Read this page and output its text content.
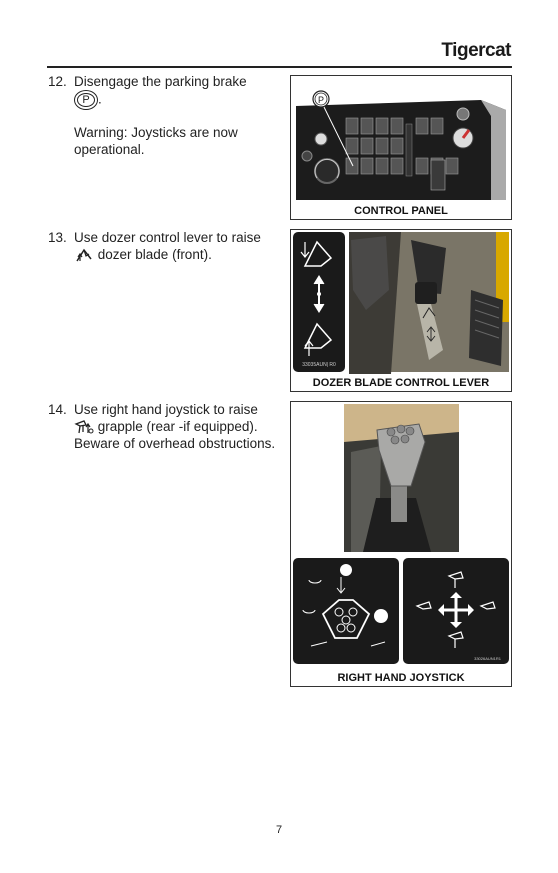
Tigercat
12. Disengage the parking brake
P .

Warning: Joysticks are now operational.

13. Use dozer control lever to raise  dozer blade (front).

14. Use right hand joystick to raise  grapple (rear -if equipped). Beware of overhead obstructions.

P
CONTROL PANEL
33035AUN| R0
DOZER BLADE CONTROL LEVER
33026AUN1R1
RIGHT HAND JOYSTICK
7
